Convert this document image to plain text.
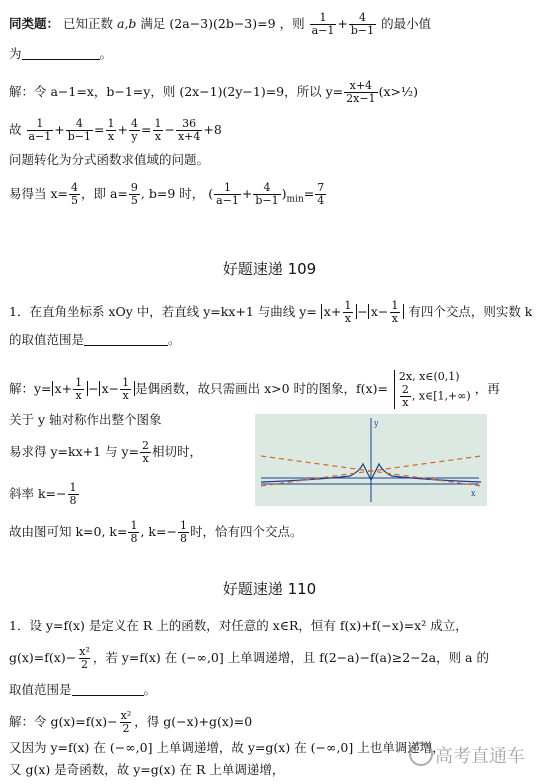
同类题： 已知正数 a,b 满足 (2a−3)(2b−3)=9 ，则 $\frac{1}{a-1} + \frac{4}{b-1}$ 的最小值
为	。
解：令 a−1=x，b−1=y，则 (2x−1)(2y−1)=9，所以 $y= \frac{x+4}{2x-1}$ (x>½)
故 $\frac{1}{a-1} + \frac{4}{b-1} = \frac{1}{x} + \frac{4}{y} = \frac{1}{x} - \frac{36}{x+4} +8$
问题转化为分式函数求值域的问题。
易得当 $x= \frac{4}{5}$ ，即 $a= \frac{9}{5}$ , b=9 时， ( $\frac{1}{a-1} + \frac{4}{b-1} )_{min}= \frac{7}{4}$
好题速递 109
1．在直角坐标系 xOy 中，若直线 y=kx+1 与曲线 $y= x+ \frac{1}{x} - x- \frac{1}{x}$ 有四个交点，则实数 k
的取值范围是	。
解：$y= x+ \frac{1}{x} - x- \frac{1}{x}$ 是偶函数，故只需画出 x>0 时的图象，f(x)= 2x, x∈(0,1)

$\frac{2}{x}$ , x∈[1,+∞) ，再
关于 y 轴对称作出整个图象
易求得 y=kx+1 与 $y= \frac{2}{x}$ 相切时，
斜率 $k=- \frac{1}{8}$
故由图可知 k=0, $k= \frac{1}{8}$ , $k=- \frac{1}{8}$ 时，恰有四个交点。
y
x
好题速递 110
1．设 y=f(x) 是定义在 R 上的函数，对任意的 x∈R，恒有 f(x)+f(−x)=x² 成立，
$g(x)=f(x)- \frac{\text{x²}}{2}$ ，若 y=f(x) 在 (−∞,0] 上单调递增，且 f(2−a)−f(a)≥2−2a，则 a 的
取值范围是	。
解：令 $g(x)=f(x)- \frac{\text{x²}}{2}$ ，得 g(−x)+g(x)=0
又因为 y=f(x) 在 (−∞,0] 上单调递增，故 y=g(x) 在 (−∞,0] 上也单调递增，
又 g(x) 是奇函数，故 y=g(x) 在 R 上单调递增，
高考直通车
